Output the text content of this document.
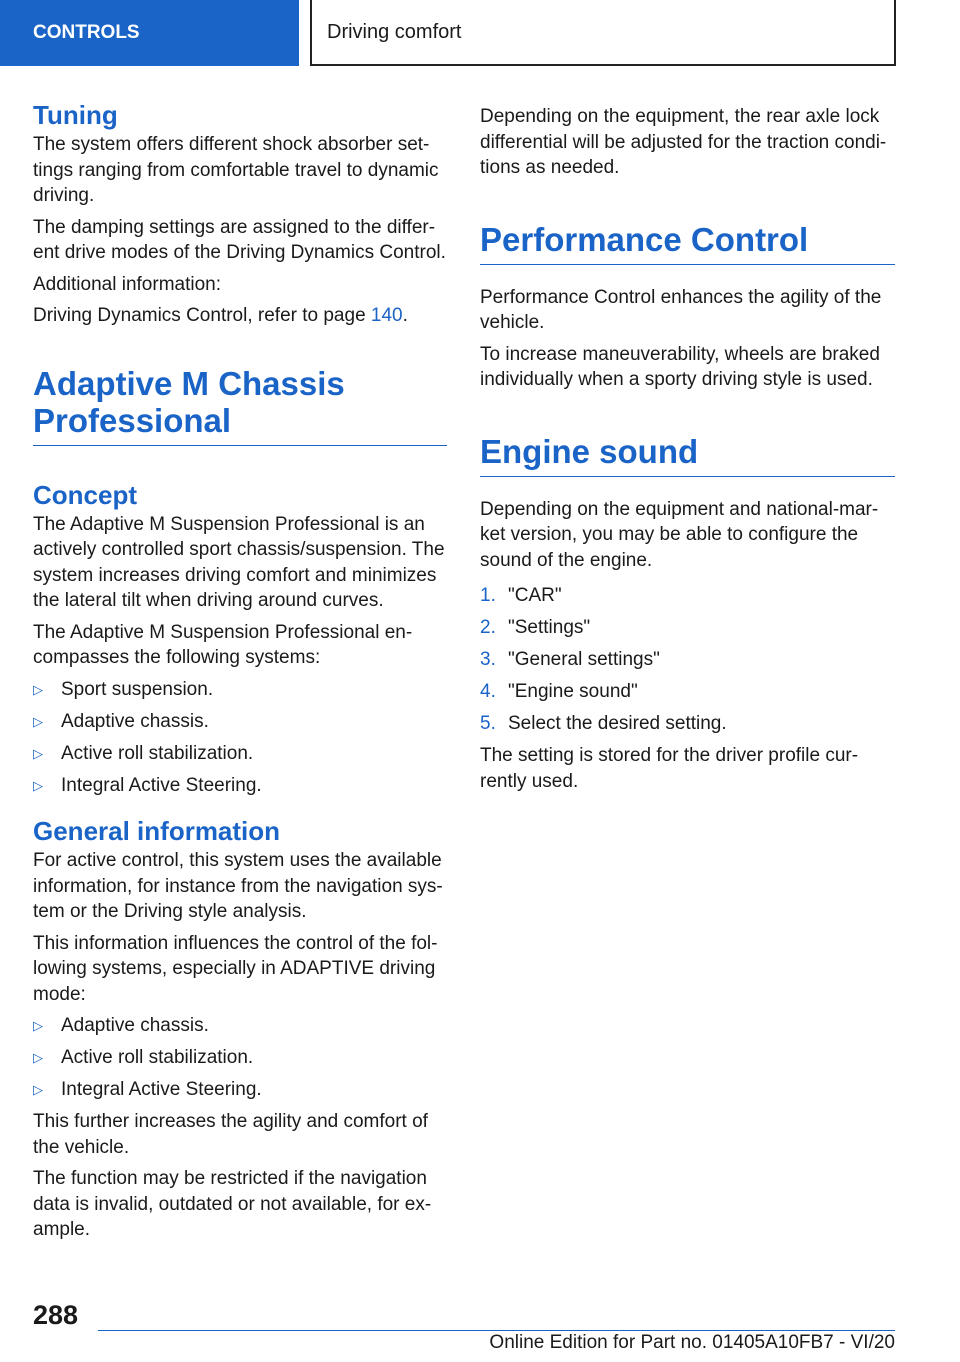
CONTROLS	Driving comfort
Tuning

The system offers different shock absorber set-tings ranging from comfortable travel to dynamic driving.

The damping settings are assigned to the differ-ent drive modes of the Driving Dynamics Control.

Additional information:

Driving Dynamics Control, refer to page 140.

Adaptive M Chassis
Professional
Concept

The Adaptive M Suspension Professional is an actively controlled sport chassis/suspension. The system increases driving comfort and minimizes the lateral tilt when driving around curves.

The Adaptive M Suspension Professional en-compasses the following systems:

▷ Sport suspension.
▷ Adaptive chassis.
▷ Active roll stabilization.
▷ Integral Active Steering.
General information

For active control, this system uses the available information, for instance from the navigation sys-tem or the Driving style analysis.

This information influences the control of the fol-lowing systems, especially in ADAPTIVE driving mode:

▷ Adaptive chassis.
▷ Active roll stabilization.
▷ Integral Active Steering.

This further increases the agility and comfort of the vehicle.

The function may be restricted if the navigation data is invalid, outdated or not available, for ex-ample.

Depending on the equipment, the rear axle lock differential will be adjusted for the traction condi-tions as needed.

Performance Control

Performance Control enhances the agility of the vehicle.

To increase maneuverability, wheels are braked individually when a sporty driving style is used.

Engine sound

Depending on the equipment and national-mar-ket version, you may be able to configure the sound of the engine.

1. "CAR"
2. "Settings"
3. "General settings"
4. "Engine sound"
5. Select the desired setting.

The setting is stored for the driver profile cur-rently used.

288
Online Edition for Part no. 01405A10FB7 - VI/20
